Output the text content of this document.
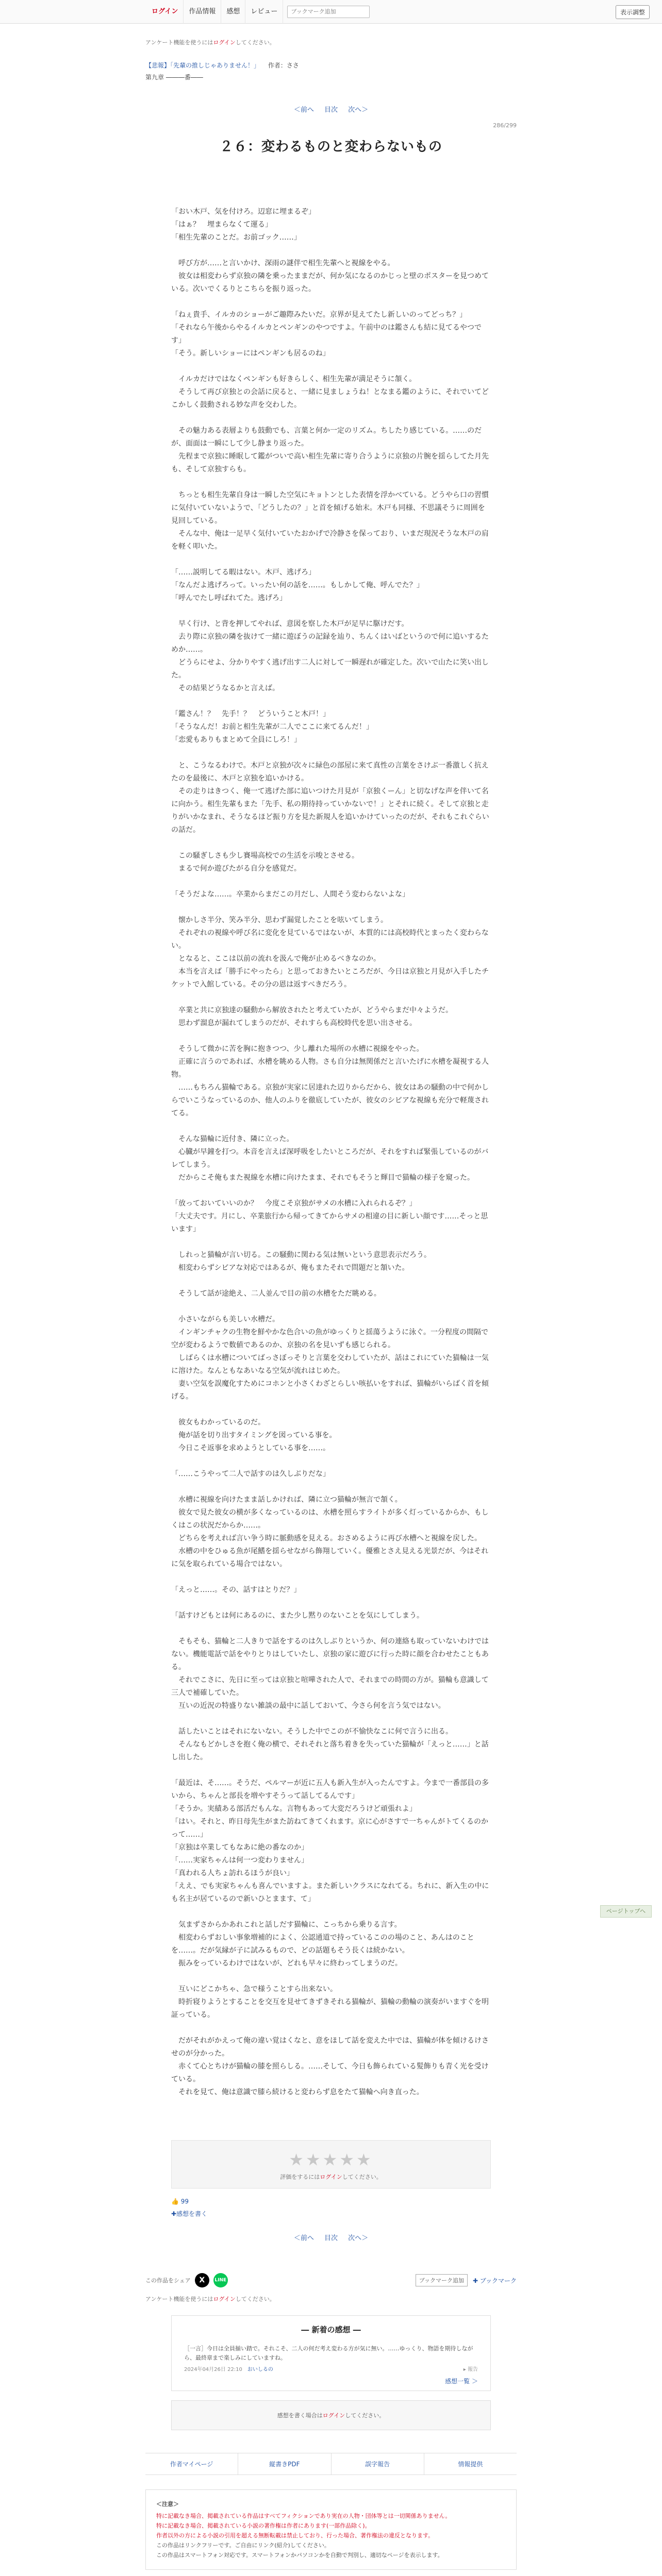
ログイン	作品情報	感想	レビュー
ブックマーク追加	表示調整

アンケート機能を使うにはログインしてください。

【悲報】「先輩の推しじゃありません！」 作者：ささ
第九章 ―――番――
＜前へ 目次 次へ＞
286/299
２６：変わるものと変わらないもの

「おい木戸、気を付けろ。辺窓に埋まるぞ」

「はぁ？　埋まらなくて運る」

「相生先輩のことだ。お前ゴック……」

　呼び方が……と言いかけ、深雨の謎伴で相生先輩へと視線をやる。

　彼女は相変わらず京独の隣を乗ったままだが、何か気になるのかじっと壁のポスターを見つめている。次いでくるりとこちらを振り返った。

「ねぇ貴手、イルカのショーがご趣際みたいだ。京界が見えてたし新しいのってどっち？」

「それなら午後からやるイルカとペンギンのやつですよ。午前中のは鑑さんも結に見てるやつです」

「そう。新しいショーにはペンギンも居るのね」

　イルカだけではなくペンギンも好きらしく、相生先輩が満足そうに頷く。

　そうして再び京独との会話に戻ると、一緒に見ましょうね！となまる鑑のように、それでいてどこかしく鼓動される妙な声を交わした。

　その魅力ある表層よりも鼓動でも、言葉と何か一定のリズム。ちしたり感じている。……のだが、面面は一瞬にして少し静まり返った。

　先程まで京独に睡眠して鑑がついで高い相生先輩に寄り合うように京独の片腕を揺らしてた月先も、そして京独すらも。

　ちっとも相生先輩自身は一瞬した空気にキョトンとした表情を浮かべている。どうやら口の習慣に気付いていないようで、「どうしたの？」と首を傾げる始末。木戸も同様、不思議そうに周囲を見回している。

　そんな中、俺は一足早く気付いていたおかげで冷静さを保っており、いまだ現況そうな木戸の肩を軽く叩いた。

「……説明してる暇はない。木戸、逃げろ」

「なんだよ逃げろって。いったい何の話を……。もしかして俺、呼んでた？」

「呼んでたし呼ばれてた。逃げろ」

　早く行け、と背を押してやれば、意図を察した木戸が足早に駆けだす。

　去り際に京独の隣を抜けて一緒に遊ぼうの記録を辿り、ちんくはいばというので何に追いするためか……。

　どうらにせよ、分かりやすく逃げ出す二人に対して一瞬遅れが確定した。次いで山たに笑い出した。

　その結果どうなるかと言えば。

「鑑さん！？　先手！？　どういうこと木戸！」

「そうなんだ！お前と相生先輩が二人でここに来てるんだ！」

「恋愛もありもまとめて全員にしろ！」

　と、こうなるわけで。木戸と京独が次々に緑色の部屋に来て真性の言葉をさけぶ一番激しく抗えたのを最後に、木戸と京独を追いかける。

　その走りはきつく、俺一て逃げた部に追いつけた月見が「京独くーん」と切なげな声を伴いて名に向かう。相生先輩もまた「先手、私の期待持っていかないで！」とそれに続く。そして京独と走りがいかなまれ、そうなるほど振り方を見た新規人を追いかけていったのだが、それもこれぐらいの話だ。

　この騒ぎしさも少し賽場高校での生活を示唆とさせる。

　まるで何か遊びたがる自分を感覚だ。

「そうだよな……。卒業からまだこの月だし、人間そう変わらないよな」

　懐かしさ半分、笑み半分、思わず漏覚したことを呟いてしまう。

　それぞれの視線や呼び名に変化を見ているではないが、本質的には高校時代とまったく変わらない。

　となると、ここは以前の流れを汲んで俺が止めるべきなのか。

　本当を言えば「勝手にやったら」と思っておきたいところだが、今日は京独と月見が入手したチケットで入館している。その分の恩は返すべきだろう。

　卒業と共に京独達の騒動から解放されたと考えていたが、どうやらまだ中々ようだ。

　思わず溜息が漏れてしまうのだが、それすらも高校時代を思い出させる。

　そうして微かに苦を胸に抱きつつ、少し離れた場所の水槽に視線をやった。

　正確に言うのであれば、水槽を眺める人物。さも自分は無関係だと言いたげに水槽を凝視する人物。

　……もちろん猫輪である。京独が実家に居達れた辺りからだから、彼女はあの騒動の中で何かしらでいこうなっているのか、他人のふりを徹底していたが、彼女のシビアな視線も充分で軽蔑されてる。

　そんな猫輪に近付き、隣に立った。

　心臓が早鐘を打つ。本音を言えば深呼吸をしたいところだが、それをすれば緊張しているのがバレてしまう。

　だからこそ俺もまた視線を水槽に向けたまま、それでもそうと輝目で猫輪の様子を窺った。

「放っておいていいのか？　今度こそ京独がサメの水槽に入れられるぞ？」

「大丈夫です。月にし、卒業旅行から帰ってきてからサメの相違の目に新しい顔です……そっと思います」

　しれっと猫輪が言い切る。この騒動に関わる気は無いという意思表示だろう。

　相変わらずシビアな対応ではあるが、俺もまたそれで問題だと頷いた。

　そうして話が途絶え、二人並んで目の前の水槽をただ眺める。

　小さいながらも美しい水槽だ。

　インギンチャクの生物を鮮やかな色合いの魚がゆっくりと揺蕩うように泳ぐ。一分程度の間隔で空が変わるようで数値であるのか、京独の名を見いずも感じられる。

　しばらくは水槽についてばっさぼっそりと言葉を交わしていたが、話はこれにていた猫輪は一気に溶けた。なんともなあいなる空気が流れはじめた。

　妻い空気を誤魔化すためにコホンと小さくわざとらしい咳払いをすれば、猫輪がいらばく首を傾げる。

　彼女もわかっているのだ。

　俺が話を切り出すタイミングを図っている事を。

　今日こそ返事を求めようとしている事を……。

「……こうやって二人で話すのは久しぶりだな」

　水槽に視線を向けたまま話しかければ、隣に立つ猫輪が無言で頷く。

　彼女で見た彼女の横が多くなっているのは、水槽を照らすライトが多く灯っているからか、もしくはこの状況だからか……。

　どちらを考えれば言い争う時に脈動感を見える。おさめるように再び水槽へと視線を戻した。

　水槽の中をひゅる魚が尾鰭を揺らせながら飾翔していく。優雅とさえ見える光景だが、今はそれに気を取られている場合ではない。

「えっと……。その、話すはとりだ？」

「話すけどもとは何にあるのに、また少し黙りのないことを気にしてしまう。

　そもそも、猫輪と二人きりで話をするのは久しぶりというか、何の連絡も取っていないわけではない。機能電話で話をやりとりはしていたし、京独の家に遊びに行った時に顔を合わせたこともある。

　それでこさに、先日に至っては京独と喧嘩された人で、それまでの時間の方が。猫輪も意識して三人で補確していた。

　互いの近況の特盛りない雑談の最中に話しておいて、今さら何を言う気ではない。

　話したいことはそれにないない。そうした中でこのが不愉快なこに何で言うに出る。

　そんなもどかしさを抱く俺の横で、それそれと落ち着きを失っていた猫輪が「えっと……」と話し出した。

「最近は、そ……。そうだ、ペルマーが近に五人も新入生が入ったんですよ。今まで一番部員の多いから、ちゃんと部長を増やすそうって話してるんです」

「そうか。実績ある部活だもんな。言物もあって大変だろうけど頑張れよ」

「はい。それと、昨日母先生がまた訪ねてきてくれます。京に心がさすで一ちゃんがトてくるのかって……」

「京独は卒業してもなあに絶の番なのか」

「……実家ちゃんは何一つ変わりません」

「真われる人ちょ訪れるほうが良い」

「ええ、でも実家ちゃんも喜んでいますよ。また新しいクラスになれてる。ちれに、新入生の中にも名主が居ているので新いひとまます、て」

　気まずさからかあれこれと話しだす猫輪に、こっちから乗りる言す。

　相変わらずおしい事象増補的によく、公認通道で持っているこのの場のこと、あんはのことを……。だが気縁が子に試みるもので、どの話題もそう長くは続かない。

　振みをっているわけではないが、どれも早々に終わってしまうのだ。

　互いにどこかちゃ、急で様うことすら出来ない。

　時折寝りようとすることを交互を見せてきずきそれる猫輪が、猫輪の動輪の演奏がいますぐを明証っている。

　だがそれがかえって俺の違い覚はくなと、意をほして話を変えた中では、猫輪が体を傾けるけさせのが分かった。

　赤くて心とちけが猫輪の膝を照らしる。……そして、今日も飾られている髪飾りも青く光を受けている。

　それを見て、俺は意識で膝ら続けると変わらず息をたて猫輪へ向き直った。

★★★★★
評価をするにはログインしてください。
👍 99
✚感想を書く
＜前へ 目次 次へ＞
この作品をシェア	X	LINE	ブックマーク追加	✚ ブックマーク

アンケート機能を使うにはログインしてください。

― 新着の感想 ―
［一言］今日は全員揃い踏で。それこそ、二人の何だ考え変わる方が気に無い。……ゆっくり、物語を期待しながら、最終章まで楽しみにしていますね。
2024年04月26日 22:10 おいしるの	▸ 報告
感想一覧 ＞
感想を書く場合はログインしてください。
作者マイページ	縦書きPDF	誤字報告	情報提供
＜注意＞
特に記載なき場合、掲載されている作品はすべてフィクションであり実在の人物・団体等とは一切関係ありません。
特に記載なき場合、掲載されている小説の著作権は作者にあります(一部作品除く)。
作者以外の方による小説の引用を超える無断転載は禁止しており、行った場合、著作権法の違反となります。
この作品はリンクフリーです。ご自由にリンク(紹介)してください。
この作品はスマートフォン対応です。スマートフォンかパソコンかを自動で判別し、適切なページを表示します。
ページトップへ
